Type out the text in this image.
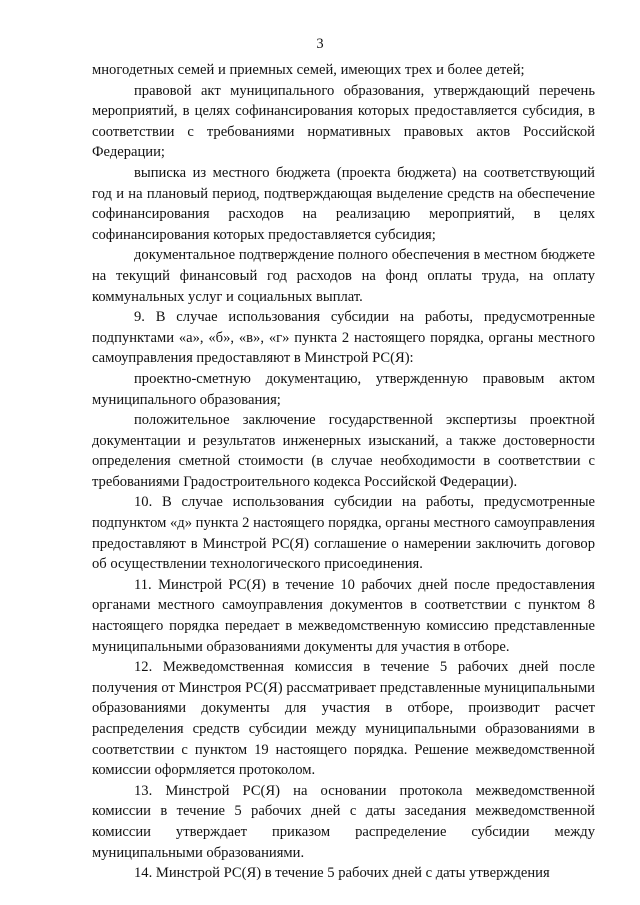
3

многодетных семей и приемных семей, имеющих трех и более детей;

правовой акт муниципального образования, утверждающий перечень мероприятий, в целях софинансирования которых предоставляется субсидия, в соответствии с требованиями нормативных правовых актов Российской Федерации;

выписка из местного бюджета (проекта бюджета) на соответствующий год и на плановый период, подтверждающая выделение средств на обеспечение софинансирования расходов на реализацию мероприятий, в целях софинансирования которых предоставляется субсидия;

документальное подтверждение полного обеспечения в местном бюджете на текущий финансовый год расходов на фонд оплаты труда, на оплату коммунальных услуг и социальных выплат.

9. В случае использования субсидии на работы, предусмотренные подпунктами «а», «б», «в», «г» пункта 2 настоящего порядка, органы местного самоуправления предоставляют в Минстрой РС(Я):

проектно-сметную документацию, утвержденную правовым актом муниципального образования;

положительное заключение государственной экспертизы проектной документации и результатов инженерных изысканий, а также достоверности определения сметной стоимости (в случае необходимости в соответствии с требованиями Градостроительного кодекса Российской Федерации).

10. В случае использования субсидии на работы, предусмотренные подпунктом «д» пункта 2 настоящего порядка, органы местного самоуправления предоставляют в Минстрой РС(Я) соглашение о намерении заключить договор об осуществлении технологического присоединения.

11. Минстрой РС(Я) в течение 10 рабочих дней после предоставления органами местного самоуправления документов в соответствии с пунктом 8 настоящего порядка передает в межведомственную комиссию представленные муниципальными образованиями документы для участия в отборе.

12. Межведомственная комиссия в течение 5 рабочих дней после получения от Минстроя РС(Я) рассматривает представленные муниципальными образованиями документы для участия в отборе, производит расчет распределения средств субсидии между муниципальными образованиями в соответствии с пунктом 19 настоящего порядка. Решение межведомственной комиссии оформляется протоколом.

13. Минстрой РС(Я) на основании протокола межведомственной комиссии в течение 5 рабочих дней с даты заседания межведомственной комиссии утверждает приказом распределение субсидии между муниципальными образованиями.

14. Минстрой РС(Я) в течение 5 рабочих дней с даты утверждения
